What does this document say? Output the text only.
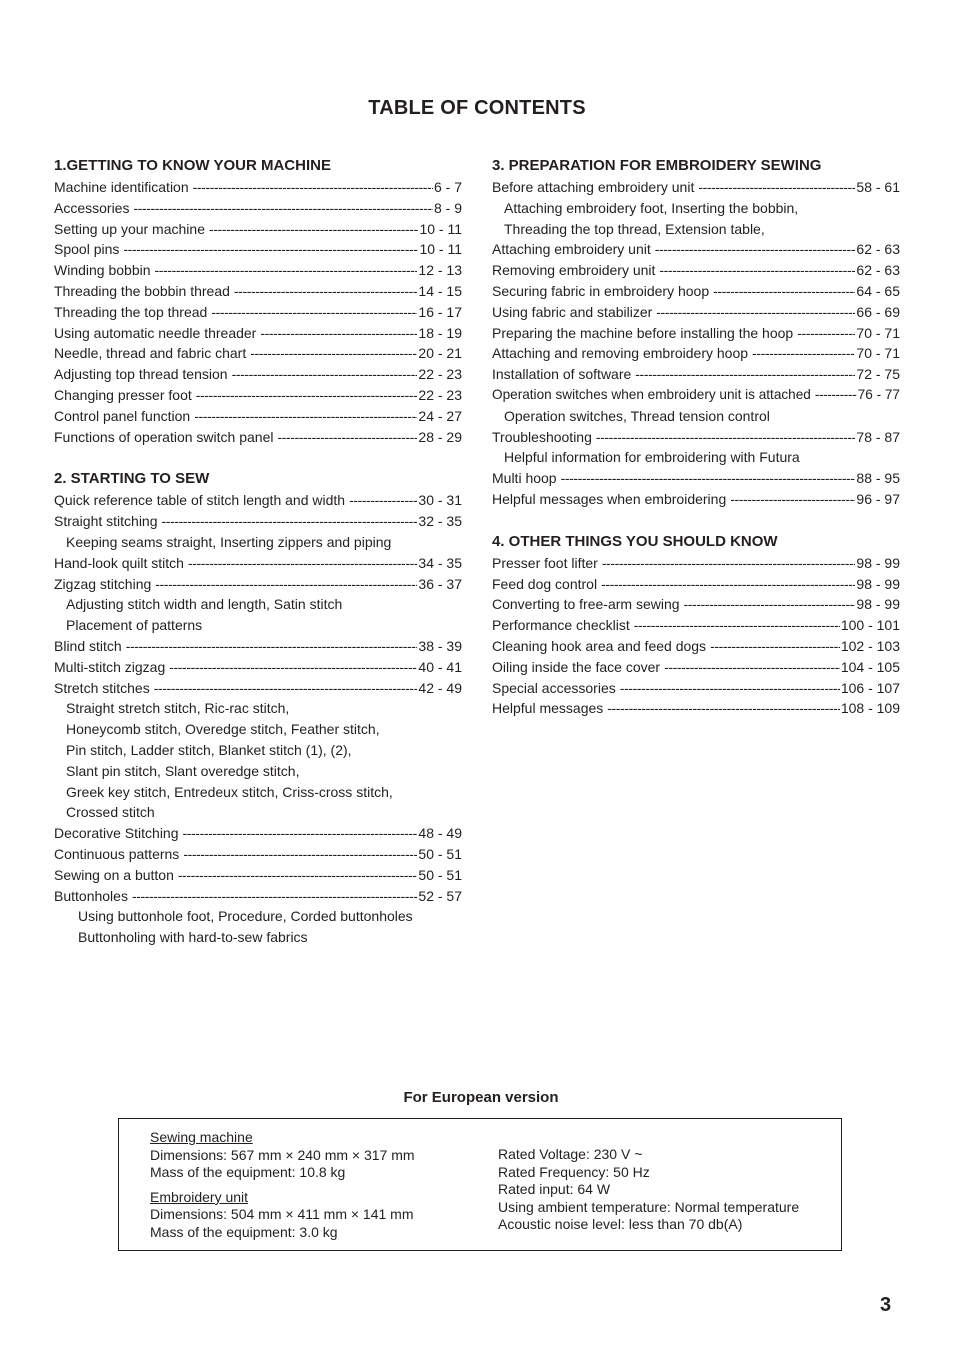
TABLE OF CONTENTS
1.GETTING TO KNOW YOUR MACHINE
Machine identification -----	6 - 7
Accessories -----	8 - 9
Setting up your machine -----	10 - 11
Spool pins -----	10 - 11
Winding bobbin -----	12 - 13
Threading the bobbin thread -----	14 - 15
Threading the top thread -----	16 - 17
Using automatic needle threader -----	18 - 19
Needle, thread and fabric chart -----	20 - 21
Adjusting top thread tension -----	22 - 23
Changing presser foot -----	22 - 23
Control panel function -----	24 - 27
Functions of operation switch panel -----	28 - 29
2. STARTING TO SEW
Quick reference table of stitch length and width -----	30 - 31
Straight stitching -----	32 - 35
Keeping seams straight, Inserting zippers and piping
Hand-look quilt stitch -----	34 - 35
Zigzag stitching -----	36 - 37
Adjusting stitch width and length, Satin stitch
Placement of patterns
Blind stitch -----	38 - 39
Multi-stitch zigzag -----	40 - 41
Stretch stitches -----	42 - 49
Straight stretch stitch, Ric-rac stitch,
Honeycomb stitch, Overedge stitch, Feather stitch,
Pin stitch, Ladder stitch, Blanket stitch (1), (2),
Slant pin stitch, Slant overedge stitch,
Greek key stitch, Entredeux stitch, Criss-cross stitch,
Crossed stitch
Decorative Stitching -----	48 - 49
Continuous patterns -----	50 - 51
Sewing on a button -----	50 - 51
Buttonholes -----	52 - 57
Using buttonhole foot, Procedure, Corded buttonholes
Buttonholing with hard-to-sew fabrics
3. PREPARATION FOR EMBROIDERY SEWING
Before attaching embroidery unit -----	58 - 61
Attaching embroidery foot, Inserting the bobbin,
Threading the top thread, Extension table,
Attaching embroidery unit -----	62 - 63
Removing embroidery unit -----	62 - 63
Securing fabric in embroidery hoop -----	64 - 65
Using fabric and stabilizer -----	66 - 69
Preparing the machine before installing the hoop -----	70 - 71
Attaching and removing embroidery hoop -----	70 - 71
Installation of software -----	72 - 75
Operation switches when embroidery unit is attached -----	76 - 77
Operation switches, Thread tension control
Troubleshooting -----	78 - 87
Helpful information for embroidering with Futura
Multi hoop -----	88 - 95
Helpful messages when embroidering -----	96 - 97
4. OTHER THINGS YOU SHOULD KNOW
Presser foot lifter -----	98 - 99
Feed dog control -----	98 - 99
Converting to free-arm sewing -----	98 - 99
Performance checklist -----	100 - 101
Cleaning hook area and feed dogs -----	102 - 103
Oiling inside the face cover -----	104 - 105
Special accessories -----	106 - 107
Helpful messages -----	108 - 109
For European version
Sewing machine
Dimensions: 567 mm × 240 mm × 317 mm
Mass of the equipment: 10.8 kg
Embroidery unit
Dimensions: 504 mm × 411 mm × 141 mm
Mass of the equipment: 3.0 kg
Rated Voltage: 230 V ~
Rated Frequency: 50 Hz
Rated input: 64 W
Using ambient temperature: Normal temperature
Acoustic noise level: less than 70 db(A)
3
